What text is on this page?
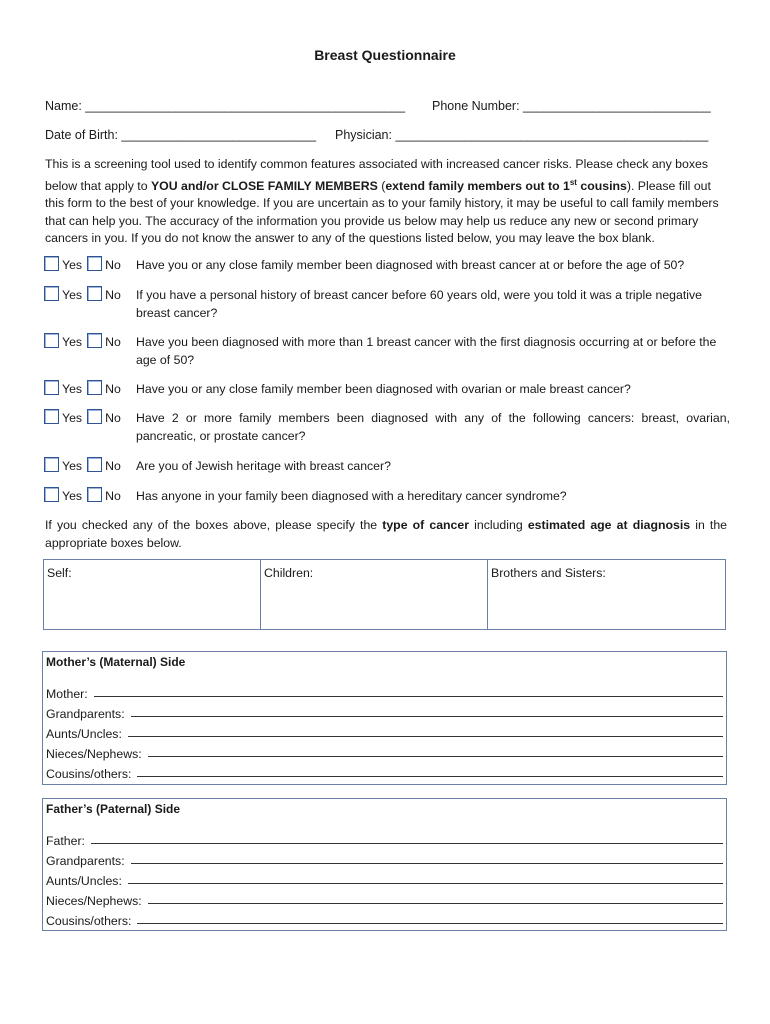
Breast Questionnaire
Name: ______________________________________________ Phone Number: ___________________________
Date of Birth: ____________________________ Physician: _____________________________________________
This is a screening tool used to identify common features associated with increased cancer risks. Please check any boxes below that apply to YOU and/or CLOSE FAMILY MEMBERS (extend family members out to 1st cousins). Please fill out this form to the best of your knowledge. If you are uncertain as to your family history, it may be useful to call family members that can help you. The accuracy of the information you provide us below may help us reduce any new or second primary cancers in you. If you do not know the answer to any of the questions listed below, you may leave the box blank.
Yes No Have you or any close family member been diagnosed with breast cancer at or before the age of 50?
Yes No If you have a personal history of breast cancer before 60 years old, were you told it was a triple negative breast cancer?
Yes No Have you been diagnosed with more than 1 breast cancer with the first diagnosis occurring at or before the age of 50?
Yes No Have you or any close family member been diagnosed with ovarian or male breast cancer?
Yes No Have 2 or more family members been diagnosed with any of the following cancers: breast, ovarian, pancreatic, or prostate cancer?
Yes No Are you of Jewish heritage with breast cancer?
Yes No Has anyone in your family been diagnosed with a hereditary cancer syndrome?
If you checked any of the boxes above, please specify the type of cancer including estimated age at diagnosis in the appropriate boxes below.
Self:	Children:	Brothers and Sisters:
Mother’s (Maternal) Side
Mother:
Grandparents:
Aunts/Uncles:
Nieces/Nephews:
Cousins/others:
Father’s (Paternal) Side
Father:
Grandparents:
Aunts/Uncles:
Nieces/Nephews:
Cousins/others:
